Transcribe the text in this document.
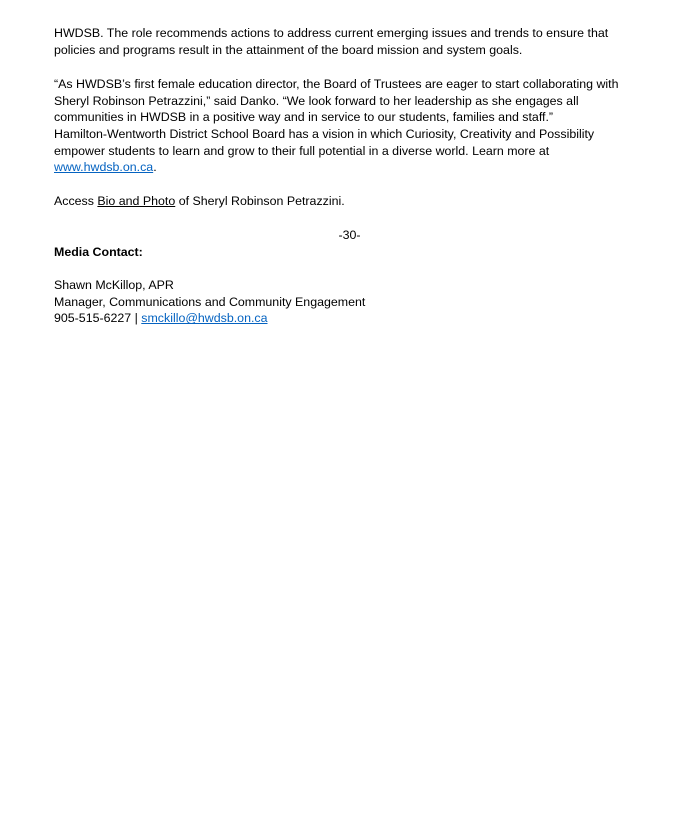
HWDSB. The role recommends actions to address current emerging issues and trends to ensure that
policies and programs result in the attainment of the board mission and system goals.
“As HWDSB’s first female education director, the Board of Trustees are eager to start collaborating with
Sheryl Robinson Petrazzini,” said Danko. “We look forward to her leadership as she engages all
communities in HWDSB in a positive way and in service to our students, families and staff.”
Hamilton-Wentworth District School Board has a vision in which Curiosity, Creativity and Possibility
empower students to learn and grow to their full potential in a diverse world. Learn more at
www.hwdsb.on.ca.
Access Bio and Photo of Sheryl Robinson Petrazzini.
-30-
Media Contact:
Shawn McKillop, APR
Manager, Communications and Community Engagement
905-515-6227 | smckillo@hwdsb.on.ca
